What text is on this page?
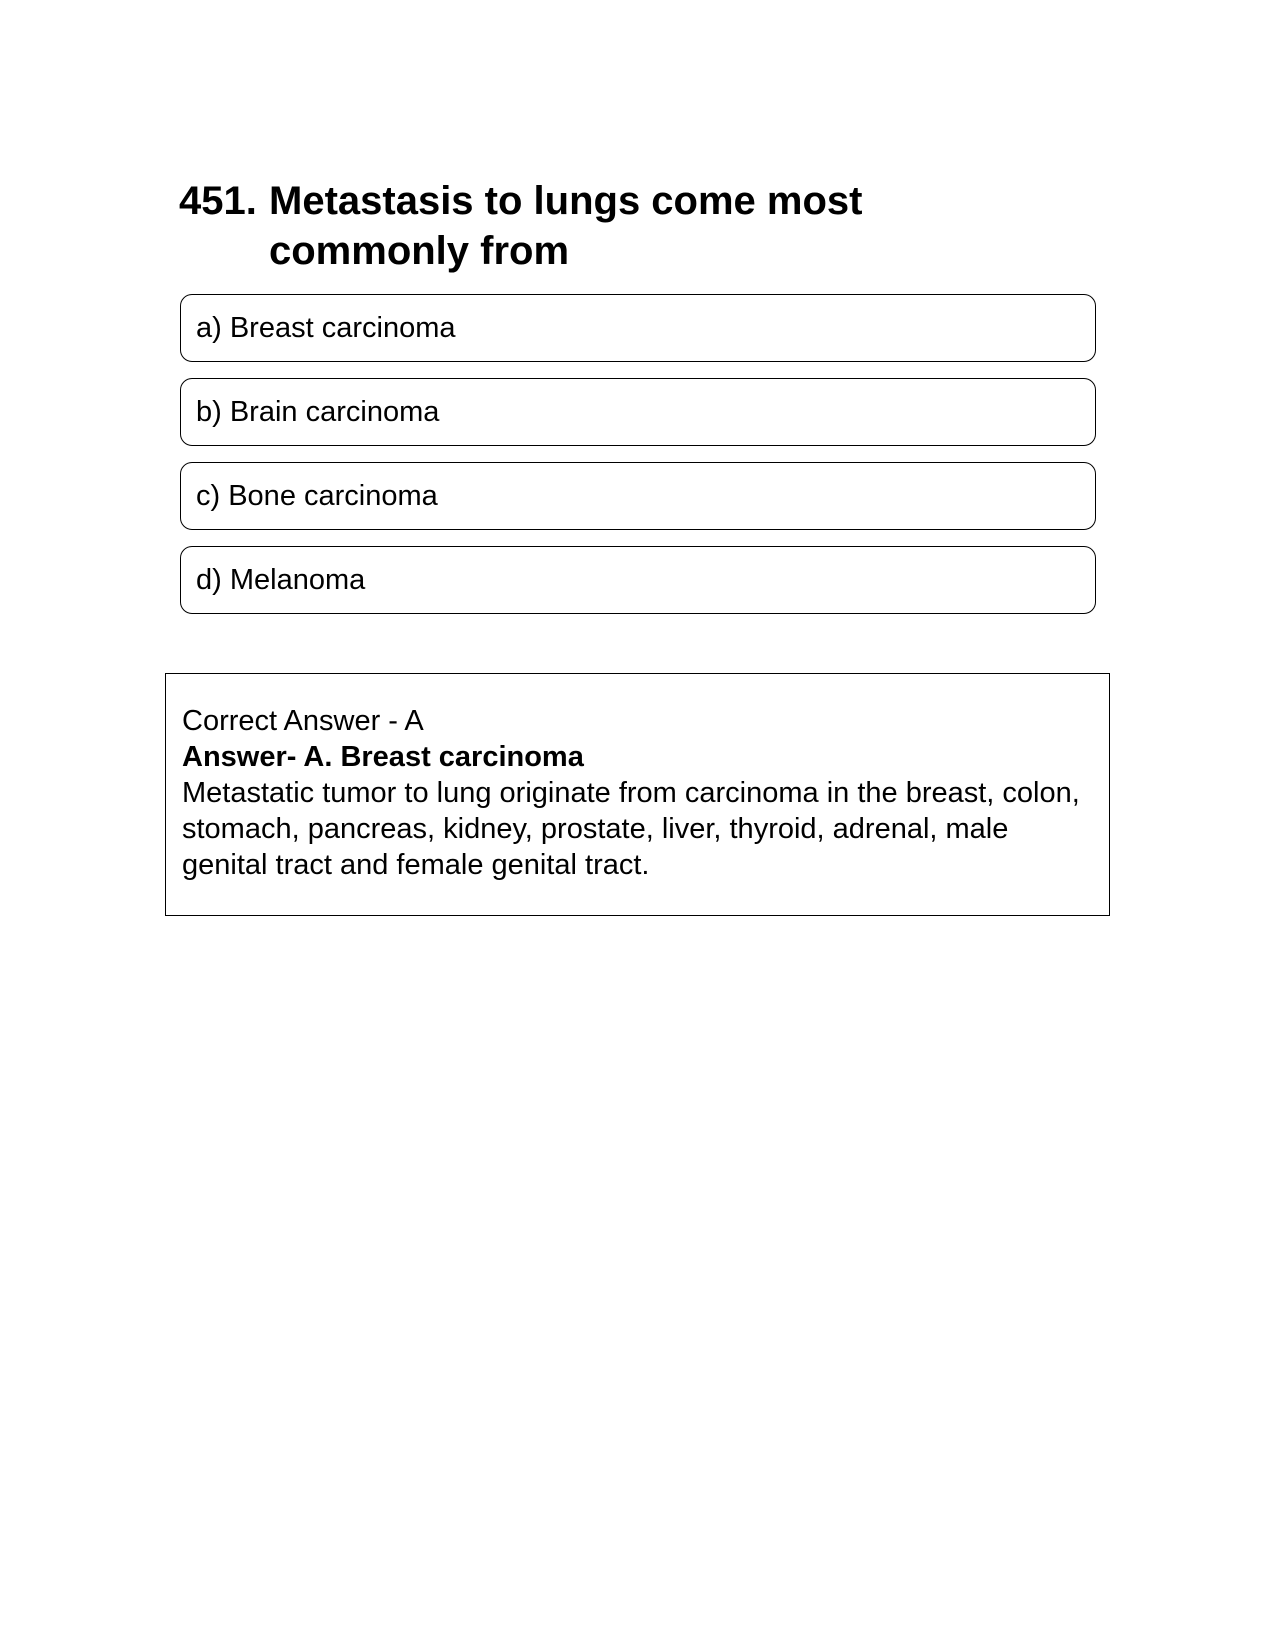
451. Metastasis to lungs come most commonly from
a) Breast carcinoma
b) Brain carcinoma
c) Bone carcinoma
d) Melanoma
Correct Answer - A
Answer- A. Breast carcinoma
Metastatic tumor to lung originate from carcinoma in the breast, colon, stomach, pancreas, kidney, prostate, liver, thyroid, adrenal, male genital tract and female genital tract.
